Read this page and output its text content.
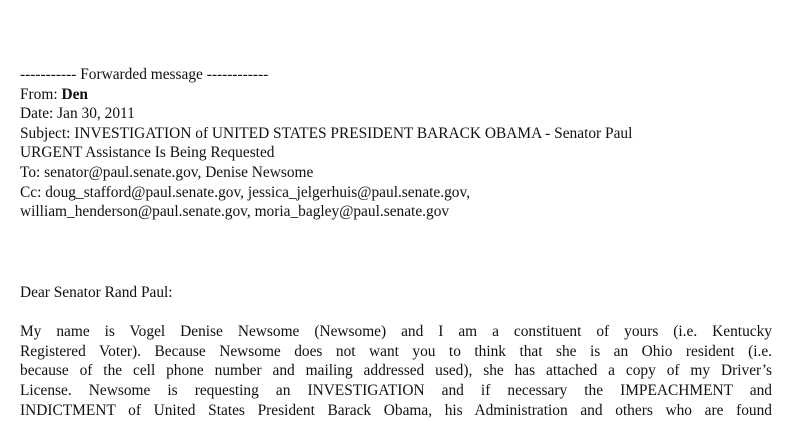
----------- Forwarded message ------------
From: Den
Date: Jan 30, 2011
Subject: INVESTIGATION of UNITED STATES PRESIDENT BARACK OBAMA - Senator Paul
URGENT Assistance Is Being Requested
To: senator@paul.senate.gov, Denise Newsome
Cc: doug_stafford@paul.senate.gov, jessica_jelgerhuis@paul.senate.gov,
william_henderson@paul.senate.gov, moria_bagley@paul.senate.gov
Dear Senator Rand Paul:
My name is Vogel Denise Newsome (Newsome) and I am a constituent of yours (i.e. Kentucky
Registered Voter). Because Newsome does not want you to think that she is an Ohio resident (i.e.
because of the cell phone number and mailing addressed used), she has attached a copy of my Driver’s
License. Newsome is requesting an INVESTIGATION and if necessary the IMPEACHMENT and
INDICTMENT of United States President Barack Obama, his Administration and others who are found
